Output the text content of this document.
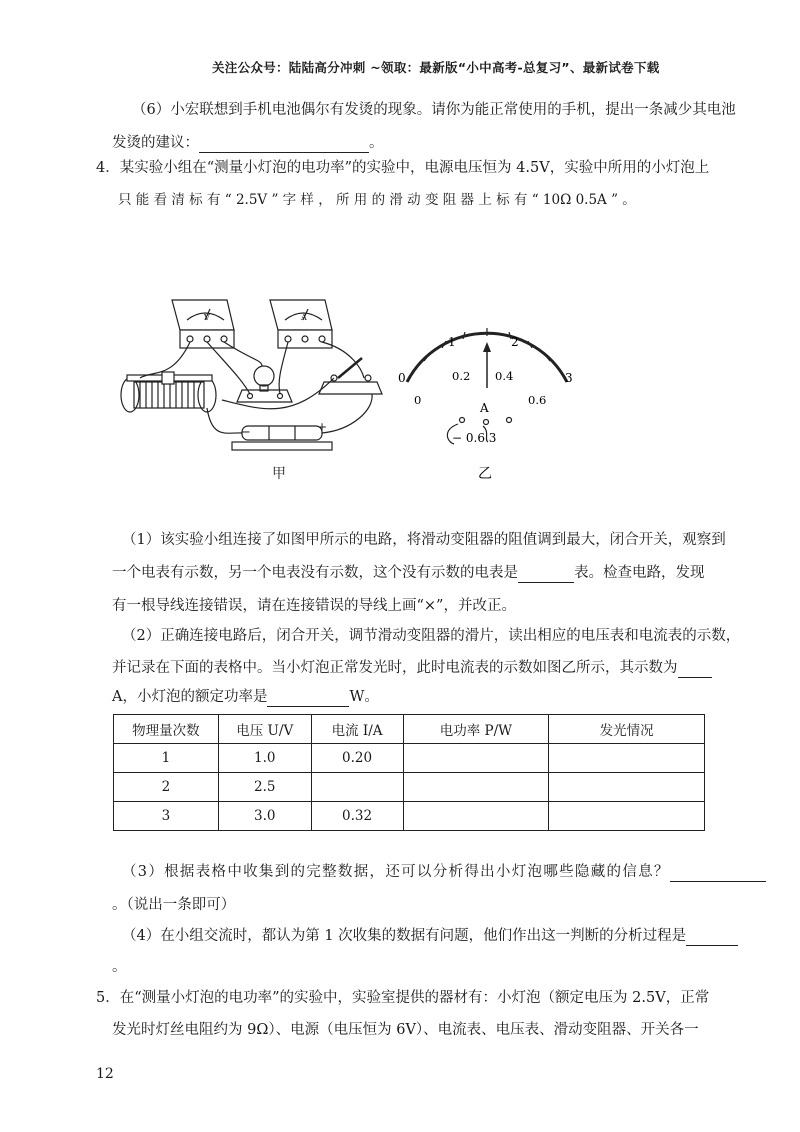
关注公众号：陆陆高分冲刺 ~领取：最新版“小中高考-总复习”、最新试卷下载
（6）小宏联想到手机电池偶尔有发烫的现象。请你为能正常使用的手机，提出一条减少其电池
发烫的建议：	。
4．某实验小组在“测量小灯泡的电功率”的实验中，电源电压恒为 4.5V，实验中所用的小灯泡上
只 能 看 清 标 有 “ 2.5V ” 字 样 ， 所 用 的 滑 动 变 阻 器 上 标 有 “ 10Ω 0.5A ” 。
−	+
V	A
甲
0
1	2
3
0
0.2 0.4
0.6
A
− 0.6 3
乙
（1）该实验小组连接了如图甲所示的电路，将滑动变阻器的阻值调到最大，闭合开关，观察到
一个电表有示数，另一个电表没有示数，这个没有示数的电表是	表。检查电路，发现
有一根导线连接错误，请在连接错误的导线上画“×”，并改正。
（2）正确连接电路后，闭合开关，调节滑动变阻器的滑片，读出相应的电压表和电流表的示数，
并记录在下面的表格中。当小灯泡正常发光时，此时电流表的示数如图乙所示，其示数为
A，小灯泡的额定功率是	W。
物理量次数	电压 U/V	电流 I/A	电功率 P/W	发光情况
1	1.0	0.20		
2	2.5			
3	3.0	0.32		
（3）根据表格中收集到的完整数据，还可以分析得出小灯泡哪些隐藏的信息？
。（说出一条即可）
（4）在小组交流时，都认为第 1 次收集的数据有问题，他们作出这一判断的分析过程是
。
5．在“测量小灯泡的电功率”的实验中，实验室提供的器材有：小灯泡（额定电压为 2.5V，正常
发光时灯丝电阻约为 9Ω）、电源（电压恒为 6V）、电流表、电压表、滑动变阻器、开关各一
12
